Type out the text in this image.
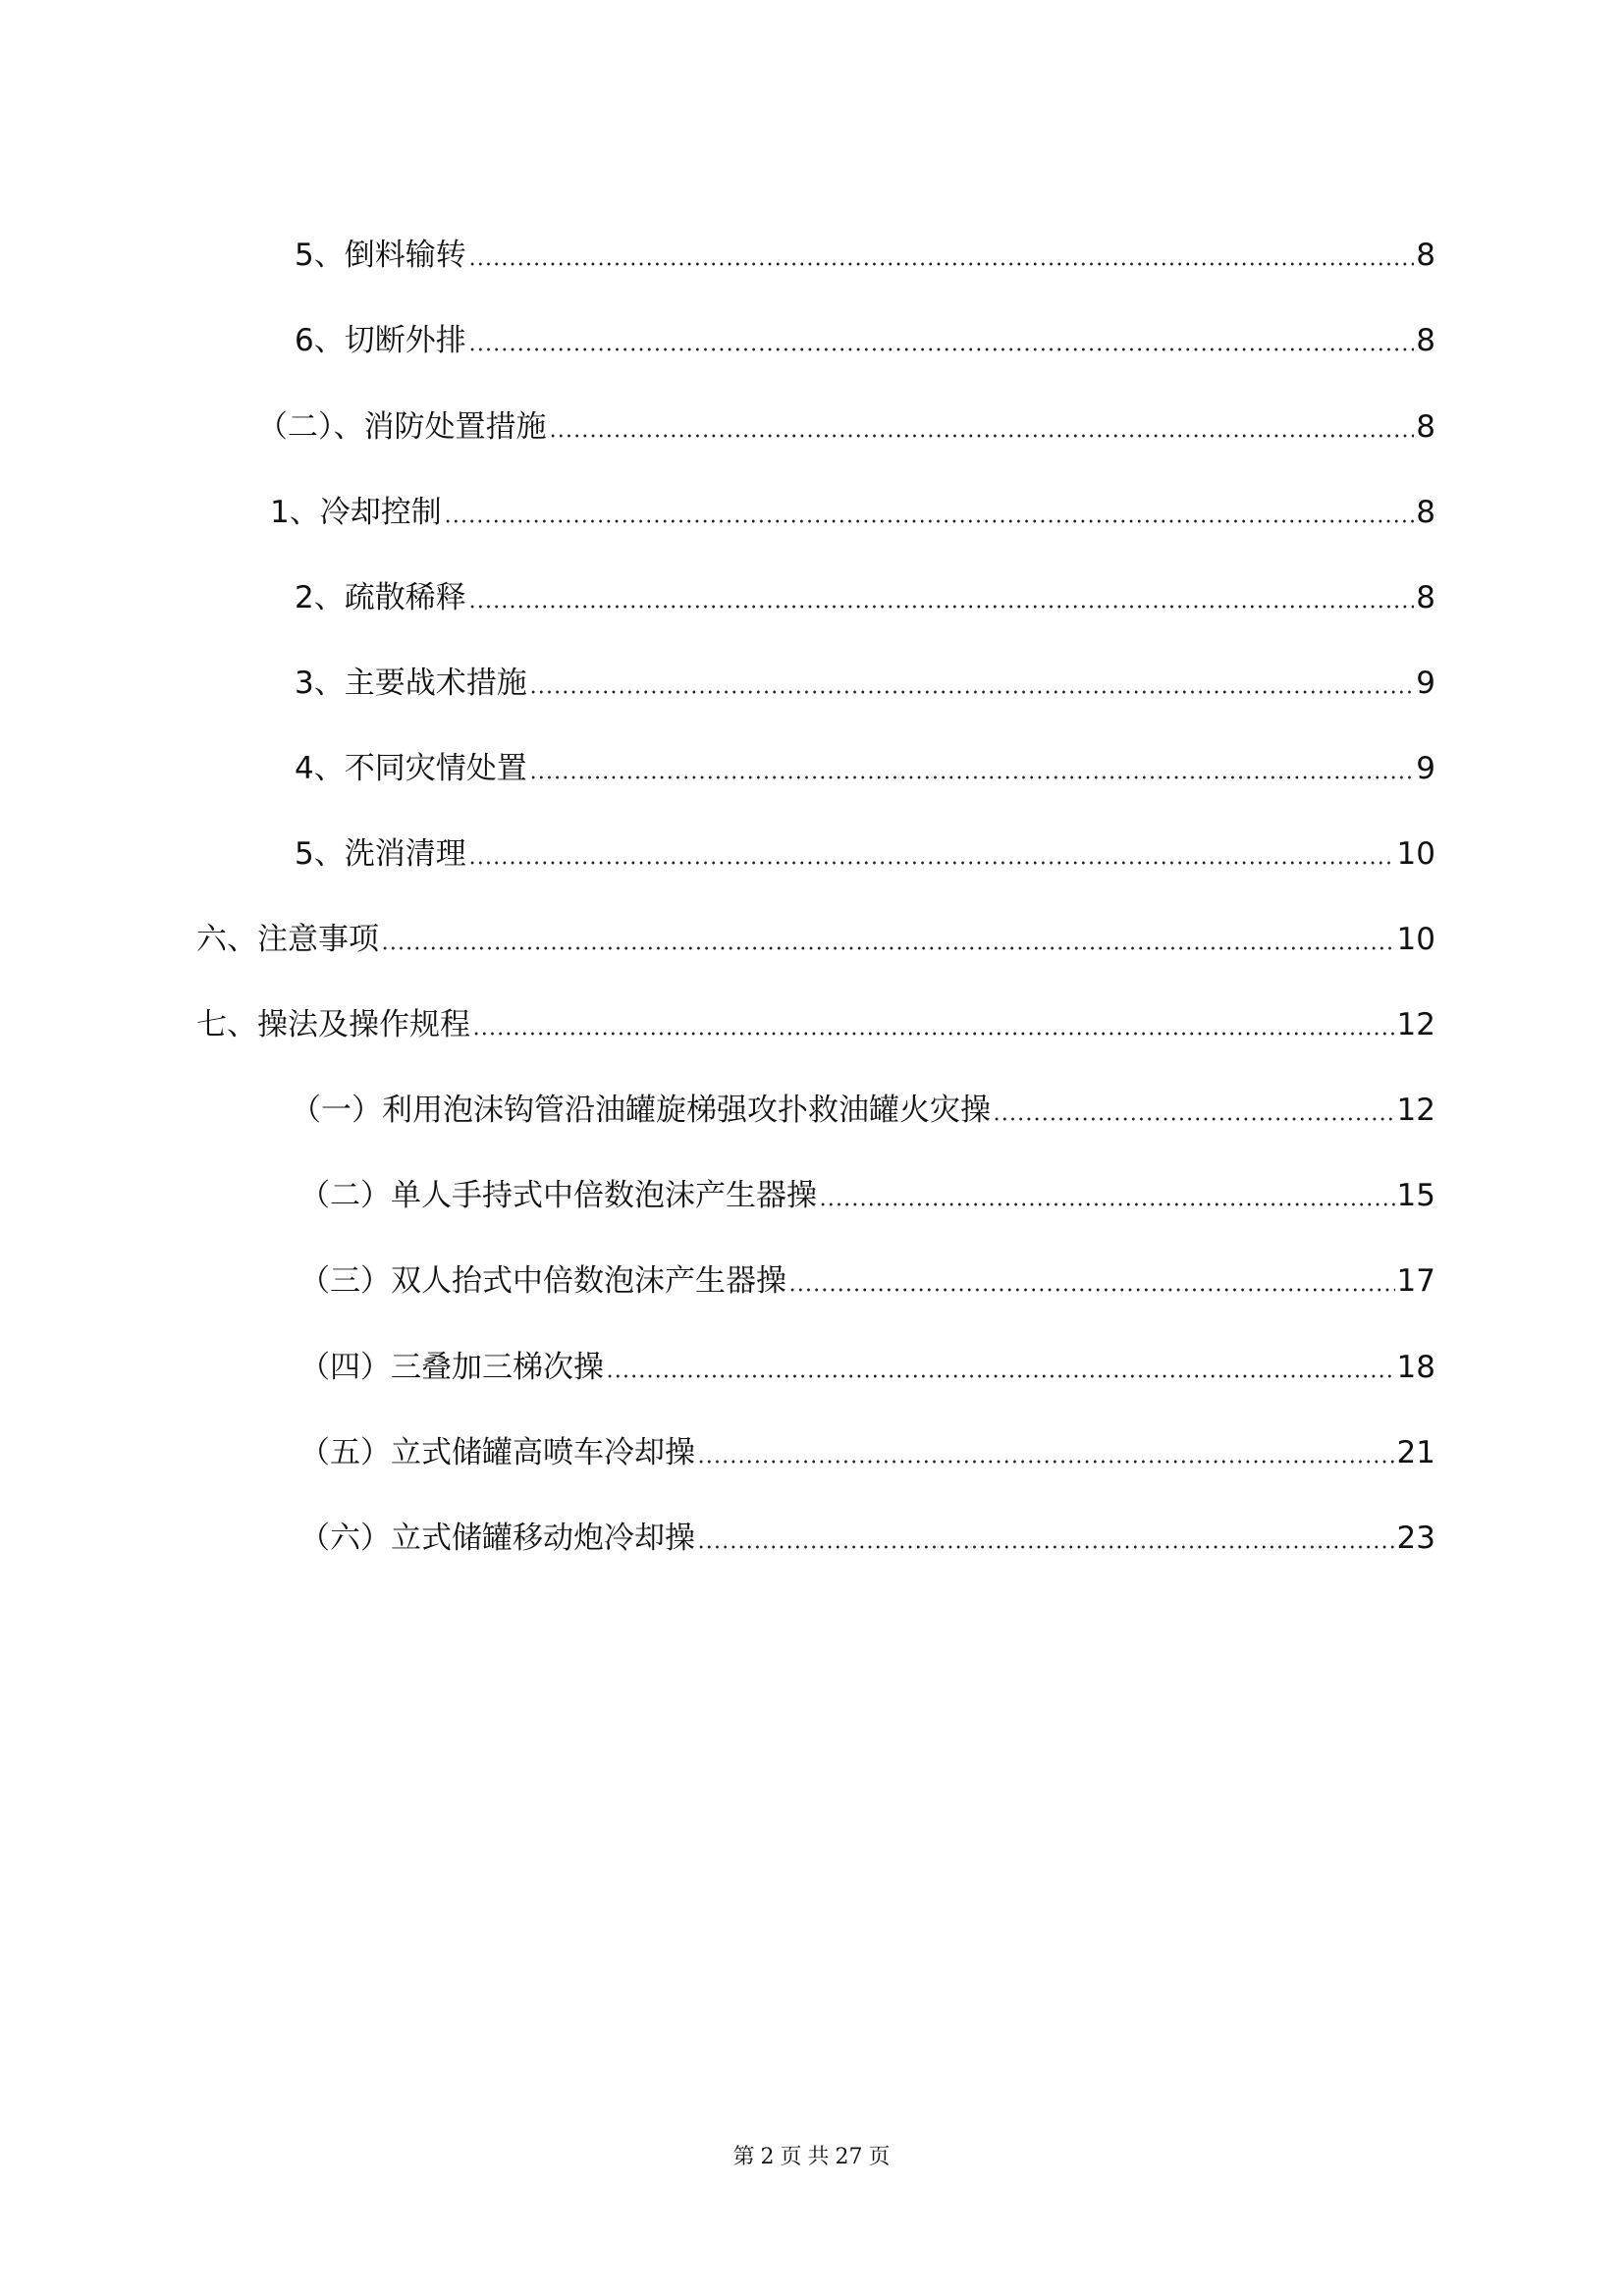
5、倒料输转	8
6、切断外排	8
（二）、消防处置措施	8
1、冷却控制	8
2、疏散稀释	8
3、主要战术措施	9
4、不同灾情处置	9
5、洗消清理	10
六、注意事项	10
七、操法及操作规程	12
（一）利用泡沫钩管沿油罐旋梯强攻扑救油罐火灾操	12
（二）单人手持式中倍数泡沫产生器操	15
（三）双人抬式中倍数泡沫产生器操	17
（四）三叠加三梯次操	18
（五）立式储罐高喷车冷却操	21
（六）立式储罐移动炮冷却操	23
第 2 页 共 27 页
